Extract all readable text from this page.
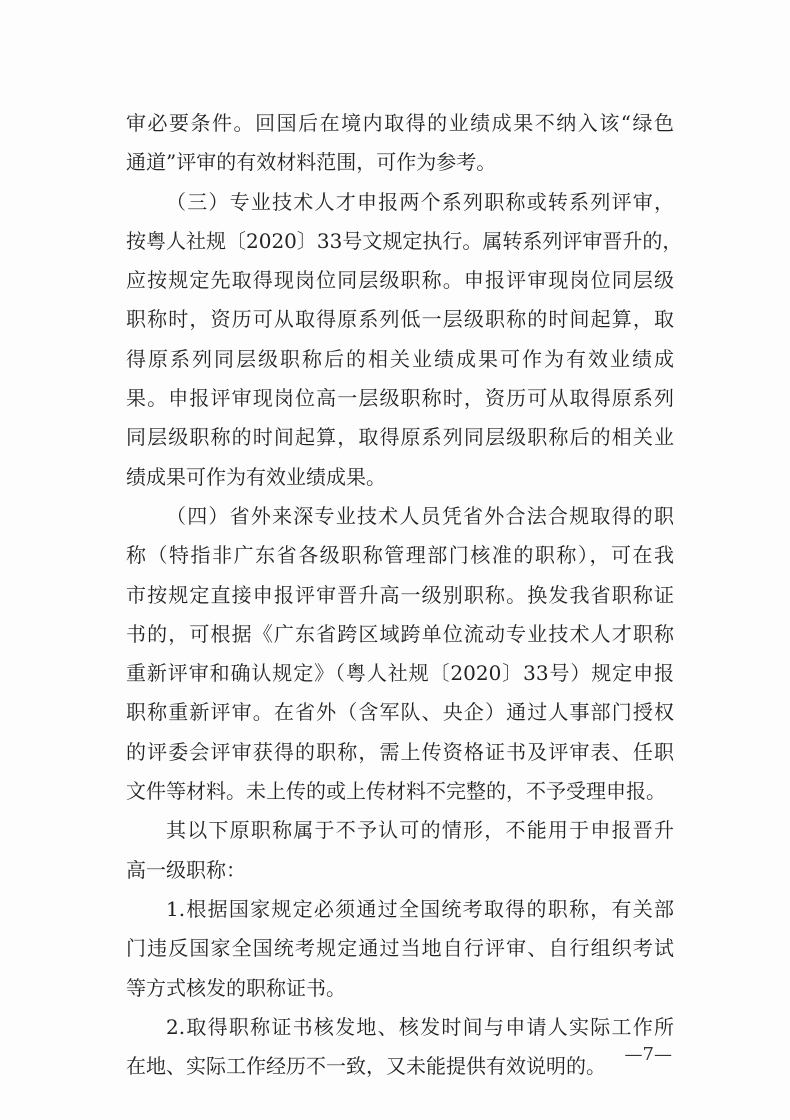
审必要条件。回国后在境内取得的业绩成果不纳入该“绿色
通道”评审的有效材料范围，可作为参考。
（三）专业技术人才申报两个系列职称或转系列评审，
按粤人社规〔2020〕33号文规定执行。属转系列评审晋升的，
应按规定先取得现岗位同层级职称。申报评审现岗位同层级
职称时，资历可从取得原系列低一层级职称的时间起算，取
得原系列同层级职称后的相关业绩成果可作为有效业绩成
果。申报评审现岗位高一层级职称时，资历可从取得原系列
同层级职称的时间起算，取得原系列同层级职称后的相关业
绩成果可作为有效业绩成果。
（四）省外来深专业技术人员凭省外合法合规取得的职
称（特指非广东省各级职称管理部门核准的职称），可在我
市按规定直接申报评审晋升高一级别职称。换发我省职称证
书的，可根据《广东省跨区域跨单位流动专业技术人才职称
重新评审和确认规定》（粤人社规〔2020〕33号）规定申报
职称重新评审。在省外（含军队、央企）通过人事部门授权
的评委会评审获得的职称，需上传资格证书及评审表、任职
文件等材料。未上传的或上传材料不完整的，不予受理申报。
其以下原职称属于不予认可的情形，不能用于申报晋升
高一级职称：
1.根据国家规定必须通过全国统考取得的职称，有关部
门违反国家全国统考规定通过当地自行评审、自行组织考试
等方式核发的职称证书。
2.取得职称证书核发地、核发时间与申请人实际工作所
在地、实际工作经历不一致，又未能提供有效说明的。	—7—
